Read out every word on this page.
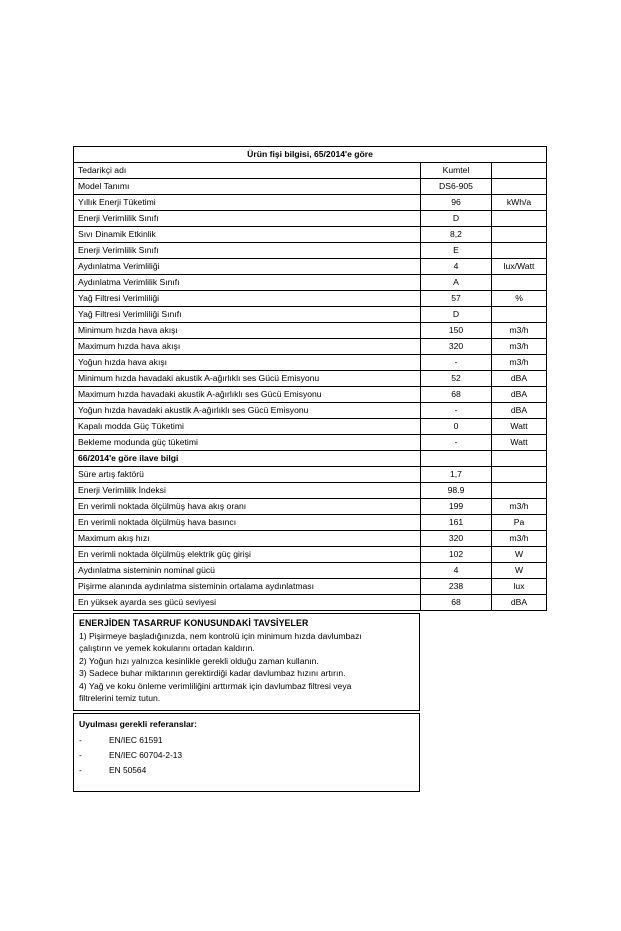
Ürün fişi bilgisi, 65/2014'e göre		
Tedarikçi adı	Kumtel	
Model Tanımı	DS6-905	
Yıllık Enerji Tüketimi	96	kWh/a
Enerji Verimlilik Sınıfı	D	
Sıvı Dinamik Etkinlik	8,2	
Enerji Verimlilik Sınıfı	E	
Aydınlatma Verimliliği	4	lux/Watt
Aydınlatma Verimlilik Sınıfı	A	
Yağ Filtresi Verimliliği	57	%
Yağ Filtresi Verimliliği Sınıfı	D	
Minimum hızda hava akışı	150	m3/h
Maximum hızda hava akışı	320	m3/h
Yoğun hızda hava akışı	-	m3/h
Minimum hızda havadaki akustik A-ağırlıklı ses Gücü Emisyonu	52	dBA
Maximum hızda havadaki akustik A-ağırlıklı ses Gücü Emisyonu	68	dBA
Yoğun hızda havadaki akustik A-ağırlıklı ses Gücü Emisyonu	-	dBA
Kapalı modda Güç Tüketimi	0	Watt
Bekleme modunda güç tüketimi	-	Watt
66/2014'e göre ilave bilgi		
Süre artış faktörü	1,7	
Enerji Verimlilik İndeksi	98.9	
En verimli noktada ölçülmüş hava akış oranı	199	m3/h
En verimli noktada ölçülmüş hava basıncı	161	Pa
Maximum akış hızı	320	m3/h
En verimli noktada ölçülmüş elektrik güç girişi	102	W
Aydınlatma sisteminin nominal gücü	4	W
Pişirme alanında aydınlatma sisteminin ortalama aydınlatması	238	lux
En yüksek ayarda ses gücü seviyesi	68	dBA
ENERJİDEN TASARRUF KONUSUNDAKİ TAVSİYELER
1) Pişirmeye başladığınızda, nem kontrolü için minimum hızda davlumbazı
çalıştırın ve yemek kokularını ortadan kaldırın.
2) Yoğun hızı yalnızca kesinlikle gerekli olduğu zaman kullanın.
3) Sadece buhar miktarının gerektirdiği kadar davlumbaz hızını artırın.
4) Yağ ve koku önleme verimliliğini arttırmak için davlumbaz filtresi veya
filtrelerini temiz tutun.
Uyulması gerekli referanslar:
-	EN/IEC 61591
-	EN/IEC 60704-2-13
-	EN 50564
